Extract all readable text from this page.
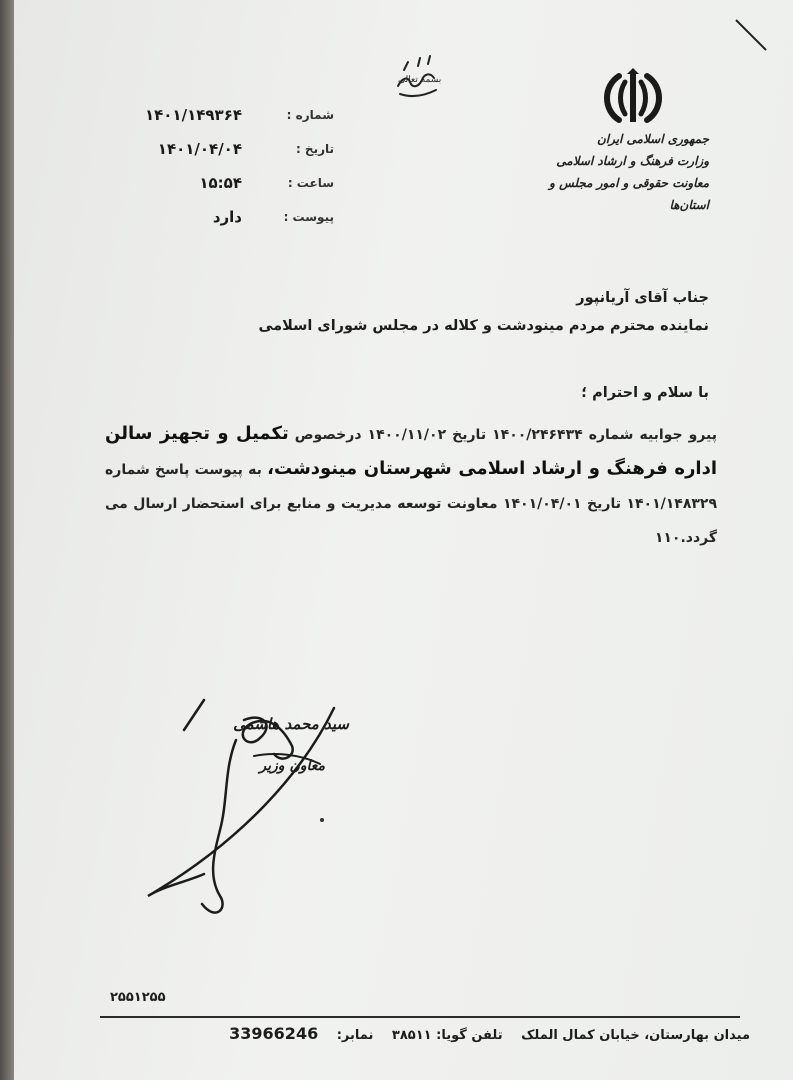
بسمه تعالی
جمهوری اسلامی ایران
وزارت فرهنگ و ارشاد اسلامی
معاونت حقوقی و امور مجلس و استان‌ها
شماره :
۱۴۰۱/۱۴۹۳۶۴
تاریخ :
۱۴۰۱/۰۴/۰۴
ساعت :
۱۵:۵۴
پیوست :
دارد
جناب آقای آریانپور
نماینده محترم مردم مینودشت و کلاله در مجلس شورای اسلامی
با سلام و احترام ؛
پیرو جوابیه شماره ۱۴۰۰/۲۴۶۴۳۴ تاریخ ۱۴۰۰/۱۱/۰۲ درخصوص تکمیل و تجهیز سالن اداره فرهنگ و ارشاد اسلامی شهرستان مینودشت، به پیوست پاسخ شماره ۱۴۰۱/۱۴۸۳۲۹ تاریخ ۱۴۰۱/۰۴/۰۱ معاونت توسعه مدیریت و منابع برای استحضار ارسال می گردد.۱۱۰
سید محمد هاشمی
معاون وزیر
۲۵۵۱۲۵۵
میدان بهارستان، خیابان کمال الملک تلفن گویا: ۳۸۵۱۱ نمابر: 33966246
